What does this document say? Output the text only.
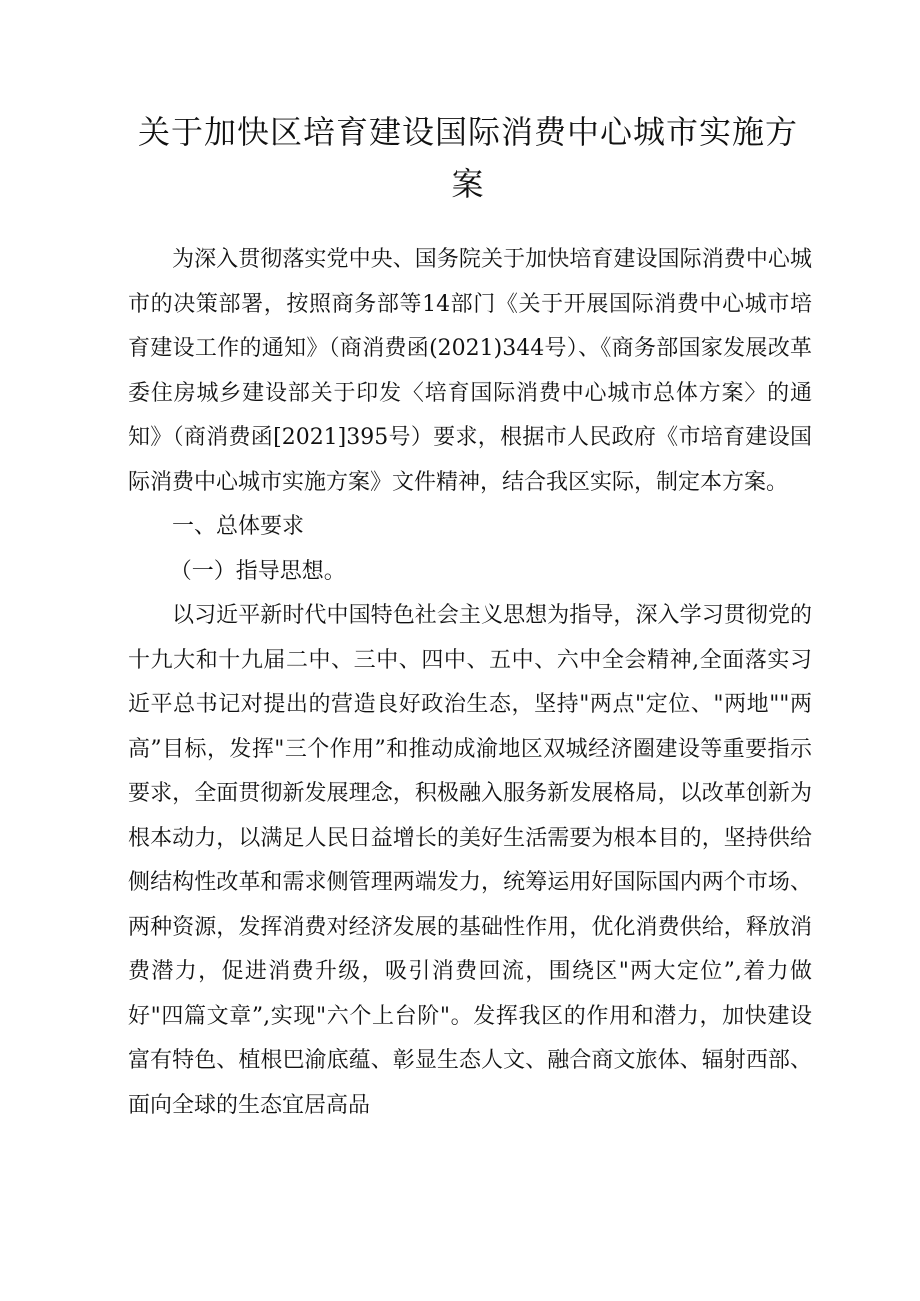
关于加快区培育建设国际消费中心城市实施方案

为深入贯彻落实党中央、国务院关于加快培育建设国际消费中心城市的决策部署，按照商务部等14部门《关于开展国际消费中心城市培育建设工作的通知》（商消费函(2021)344号）、《商务部国家发展改革委住房城乡建设部关于印发〈培育国际消费中心城市总体方案〉的通知》（商消费函[2021]395号）要求，根据市人民政府《市培育建设国际消费中心城市实施方案》文件精神，结合我区实际，制定本方案。

一、总体要求

（一）指导思想。

以习近平新时代中国特色社会主义思想为指导，深入学习贯彻党的十九大和十九届二中、三中、四中、五中、六中全会精神,全面落实习近平总书记对提出的营造良好政治生态，坚持"两点"定位、"两地""两高”目标，发挥"三个作用”和推动成渝地区双城经济圈建设等重要指示要求，全面贯彻新发展理念，积极融入服务新发展格局，以改革创新为根本动力，以满足人民日益增长的美好生活需要为根本目的，坚持供给侧结构性改革和需求侧管理两端发力，统筹运用好国际国内两个市场、两种资源，发挥消费对经济发展的基础性作用，优化消费供给，释放消费潜力，促进消费升级，吸引消费回流，围绕区"两大定位”,着力做好"四篇文章”,实现"六个上台阶"。发挥我区的作用和潜力，加快建设富有特色、植根巴渝底蕴、彰显生态人文、融合商文旅体、辐射西部、面向全球的生态宜居高品
